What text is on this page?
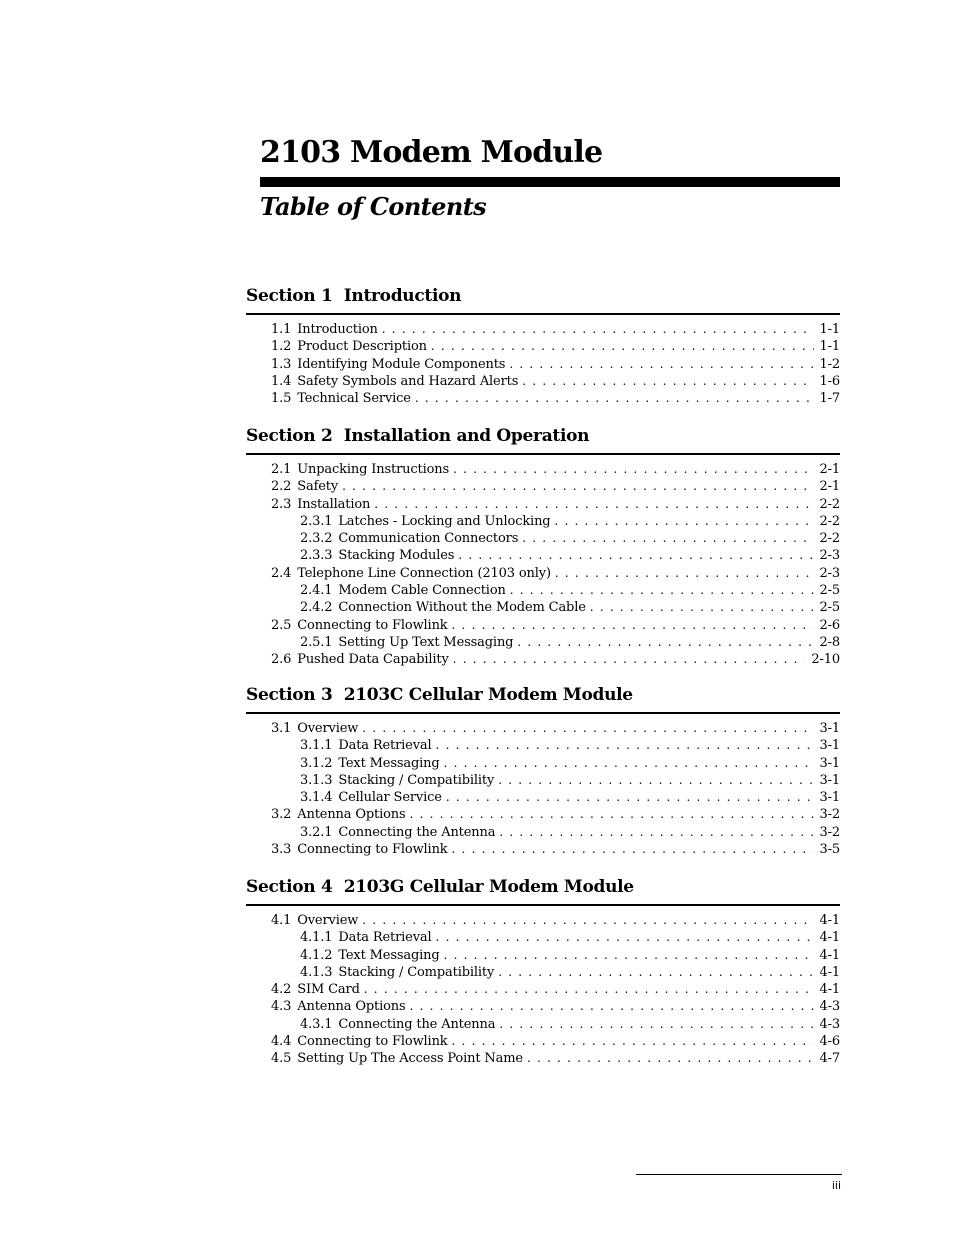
2103 Modem Module
Table of Contents
Section 1  Introduction
1.1 Introduction . . .	1-1
1.2 Product Description . . .	1-1
1.3 Identifying Module Components . . .	1-2
1.4 Safety Symbols and Hazard Alerts . . .	1-6
1.5 Technical Service . . .	1-7
Section 2  Installation and Operation
2.1 Unpacking Instructions . . .	2-1
2.2 Safety . . .	2-1
2.3 Installation . . .	2-2
2.3.1 Latches - Locking and Unlocking . . .	2-2
2.3.2 Communication Connectors . . .	2-2
2.3.3 Stacking Modules . . .	2-3
2.4 Telephone Line Connection (2103 only) . . .	2-3
2.4.1 Modem Cable Connection . . .	2-5
2.4.2 Connection Without the Modem Cable . . .	2-5
2.5 Connecting to Flowlink . . .	2-6
2.5.1 Setting Up Text Messaging . . .	2-8
2.6 Pushed Data Capability . . .	2-10
Section 3  2103C Cellular Modem Module
3.1 Overview . . .	3-1
3.1.1 Data Retrieval . . .	3-1
3.1.2 Text Messaging . . .	3-1
3.1.3 Stacking / Compatibility . . .	3-1
3.1.4 Cellular Service . . .	3-1
3.2 Antenna Options . . .	3-2
3.2.1 Connecting the Antenna . . .	3-2
3.3 Connecting to Flowlink . . .	3-5
Section 4  2103G Cellular Modem Module
4.1 Overview . . .	4-1
4.1.1 Data Retrieval . . .	4-1
4.1.2 Text Messaging . . .	4-1
4.1.3 Stacking / Compatibility . . .	4-1
4.2 SIM Card . . .	4-1
4.3 Antenna Options . . .	4-3
4.3.1 Connecting the Antenna . . .	4-3
4.4 Connecting to Flowlink . . .	4-6
4.5 Setting Up The Access Point Name . . .	4-7
iii
